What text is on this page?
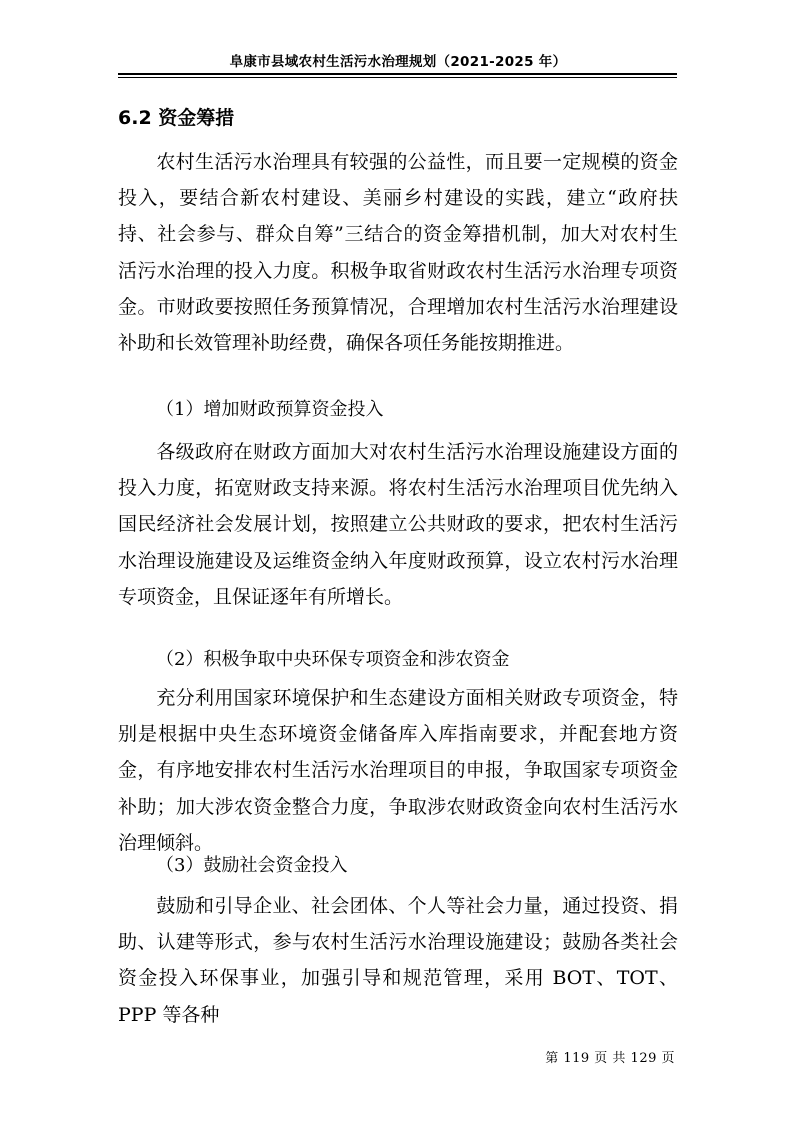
阜康市县域农村生活污水治理规划（2021-2025 年）
6.2 资金筹措

农村生活污水治理具有较强的公益性，而且要一定规模的资金投入，要结合新农村建设、美丽乡村建设的实践，建立“政府扶持、社会参与、群众自筹”三结合的资金筹措机制，加大对农村生活污水治理的投入力度。积极争取省财政农村生活污水治理专项资金。市财政要按照任务预算情况，合理增加农村生活污水治理建设补助和长效管理补助经费，确保各项任务能按期推进。

（1）增加财政预算资金投入

各级政府在财政方面加大对农村生活污水治理设施建设方面的投入力度，拓宽财政支持来源。将农村生活污水治理项目优先纳入国民经济社会发展计划，按照建立公共财政的要求，把农村生活污水治理设施建设及运维资金纳入年度财政预算，设立农村污水治理专项资金，且保证逐年有所增长。

（2）积极争取中央环保专项资金和涉农资金

充分利用国家环境保护和生态建设方面相关财政专项资金，特别是根据中央生态环境资金储备库入库指南要求，并配套地方资金，有序地安排农村生活污水治理项目的申报，争取国家专项资金补助；加大涉农资金整合力度，争取涉农财政资金向农村生活污水治理倾斜。

（3）鼓励社会资金投入

鼓励和引导企业、社会团体、个人等社会力量，通过投资、捐助、认建等形式，参与农村生活污水治理设施建设；鼓励各类社会资金投入环保事业，加强引导和规范管理，采用 BOT、TOT、PPP 等各种

第 119 页 共 129 页
